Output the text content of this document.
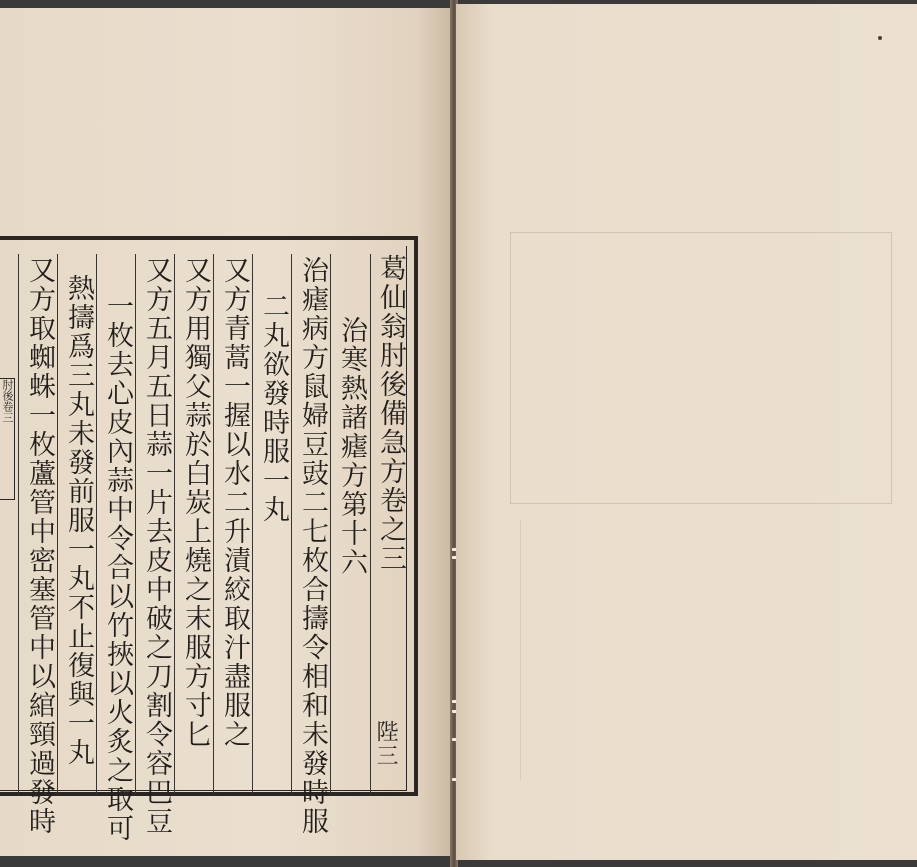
葛仙翁肘後備急方卷之三
治寒熱諸瘧方第十六
治瘧病方鼠婦豆豉二七枚合擣令相和未發時服
二丸欲發時服一丸
又方青蒿一握以水二升漬絞取汁盡服之
又方用獨父蒜於白炭上燒之末服方寸匕
又方五月五日蒜一片去皮中破之刀割令容巴豆
一枚去心皮內蒜中令合以竹挾以火炙之取可
熱擣爲三丸未發前服一丸不止復與一丸
又方取蜘蛛一枚蘆管中密塞管中以綰頸過發時	陛三
肘後卷三
